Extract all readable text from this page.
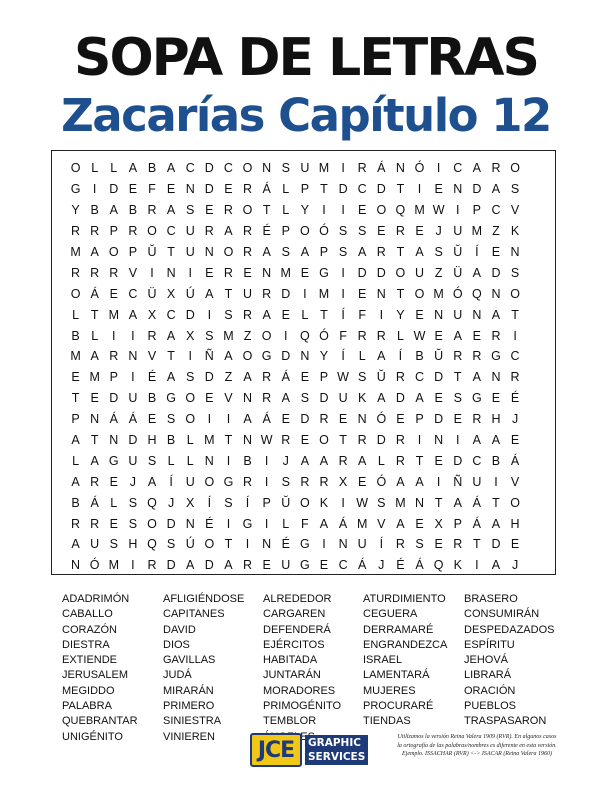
SOPA DE LETRAS
Zacarías Capítulo 12
O L L A B A C D C O N S U M I	R Á N Ó	I	C A R O
G	I	D E F E N D E R Á L P T D C D T	I	E N D A S
Y B A B R A S E R O T L Y	I	I	E O Q M W I	P C V
R R P R O C U R A R É P O Ó S S E R E J U M Z K
M A O P Ŭ T U N O R A S A P S A R T A S Ŭ	Í	E N
R R R V	I	N	I	E R E N M E G	I	D D O U Z Ü A D S
O Á E C Ü X Ú A T U R D	I M I	E N T O M Ó Q N O
L T M A X C D	I	S R A E L T	Í	F	I	Y E N U N A T
B L	I	I	R A X S M Z O	I	Q Ó F R R L W E A E R	I
M A R N V T	I	Ñ A O G D N Y	Í	L A	Í	B Ŭ R R G C
E M P	I	É A S D Z A R Á E P W S Ŭ R C D T A N R
T E D U B G O E V N R A S D U K A D A E S G E É
P N Á Á E S O	I	I	A Á E D R E N Ó E P D E R H J
A T N D H B L M T N W R E O T R D R	I	N	I	A A E
L A G U S L L N	I	B	I	J A A R A L R T E D C B Á
A R E J A	Í	U O G R	I	S R R X E Ó A A	I	Ñ U	I	V
B Á L S Q J X	Í	S	Í	P Ŭ O K	I W S M N T A Á T O
R R E S O D N É	I	G	I	L F A Á M V A E X P Á A H
A U S H Q S Ú O T	I	N É G	I	N U	Í	R S E R T D E
N Ó M I	R D A D A R E U G E C Á J É Á Q K	I	A J
ADADRIMÓN
CABALLO
CORAZÓN
DIESTRA
EXTIENDE
JERUSALEM
MEGIDDO
PALABRA
QUEBRANTAR
UNIGÉNITO
AFLIGIÉNDOSE
CAPITANES
DAVID
DIOS
GAVILLAS
JUDÁ
MIRARÁN
PRIMERO
SINIESTRA
VINIEREN
ALREDEDOR
CARGAREN
DEFENDERÁ
EJÉRCITOS
HABITADA
JUNTARÁN
MORADORES
PRIMOGÉNITO
TEMBLOR
ATURDIMIENTO
CEGUERA
DERRAMARÉ
ENGRANDEZCA
ISRAEL
LAMENTARÁ
MUJERES
PROCURARÉ
TIENDAS
BRASERO
CONSUMIRÁN
DESPEDAZADOS
ESPÍRITU
JEHOVÁ
LIBRARÁ
ORACIÓN
PUEBLOS
TRASPASARON
JCE	GRAPHIC
SERVICES
Utilizamos la versión Reina Valera 1909 (RVR). En algunos casos
la ortografía de las palabras/nombres es diferente en esta versión.
Ejemplo. ISSACHAR (RVR) <-> ISACAR (Reina Valera 1960)
